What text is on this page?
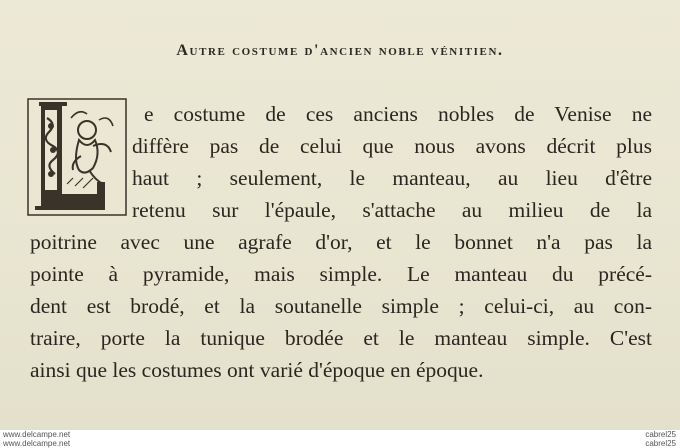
Autre costume d'ancien noble vénitien.
e costume de ces anciens nobles de Venise ne
diffère pas de celui que nous avons décrit plus
haut ; seulement, le manteau, au lieu d'être
retenu sur l'épaule, s'attache au milieu de la
poitrine avec une agrafe d'or, et le bonnet n'a pas la
pointe à pyramide, mais simple. Le manteau du précé-
dent est brodé, et la soutanelle simple ; celui-ci, au con-
traire, porte la tunique brodée et le manteau simple. C'est
ainsi que les costumes ont varié d'époque en époque.
www.delcampe.net
www.delcampe.net
cabrel25
cabrel25
